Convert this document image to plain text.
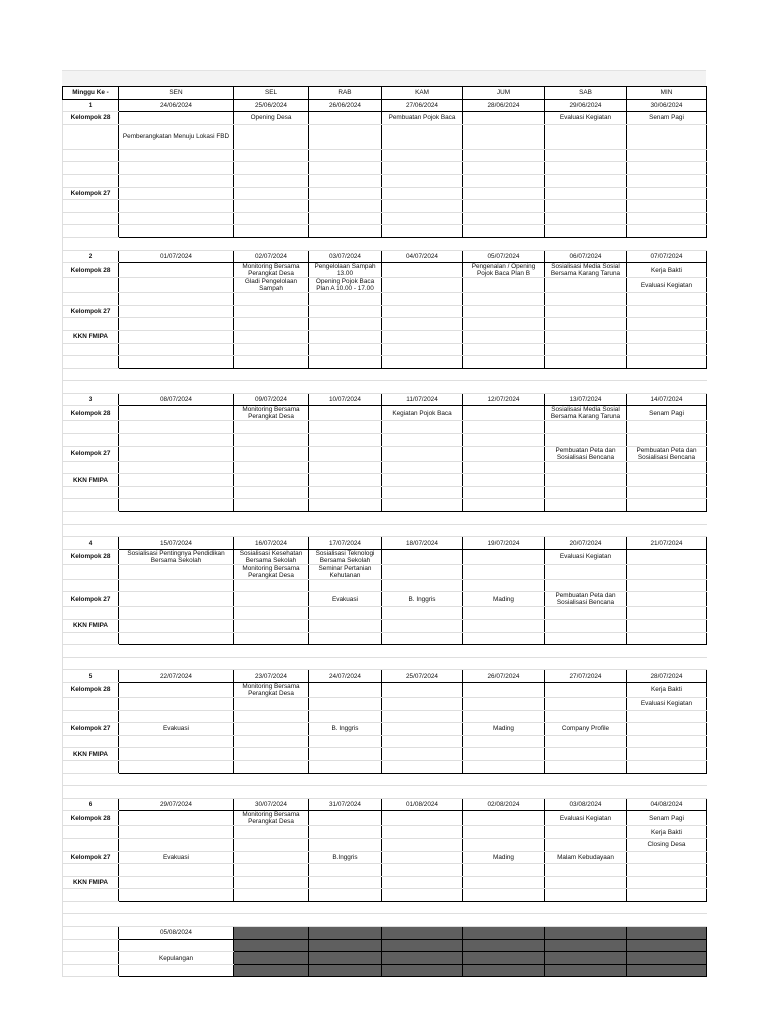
Minggu Ke -	SEN	SEL	RAB	KAM	JUM	SAB	MIN
1	24/06/2024	25/06/2024	26/06/2024	27/06/2024	28/06/2024	29/06/2024	30/06/2024
Kelompok 28		Opening Desa		Pembuatan Pojok Baca		Evaluasi Kegiatan	Senam Pagi
	Pemberangkatan Menuju Lokasi FBD						

Kelompok 27							

2	01/07/2024	02/07/2024	03/07/2024	04/07/2024	05/07/2024	06/07/2024	07/07/2024
Kelompok 28		Monitoring Bersama Perangkat Desa	Pengelolaan Sampah 13.00		Pengenalan / Opening Pojok Baca Plan B	Sosialisasi Media Sosial Bersama Karang Taruna	Kerja Bakti
		Gladi Pengelolaan Sampah	Opening Pojok Baca Plan A 10.00 - 17.00				Evaluasi Kegiatan

Kelompok 27							

KKN FMIPA							

3	08/07/2024	09/07/2024	10/07/2024	11/07/2024	12/07/2024	13/07/2024	14/07/2024
Kelompok 28		Monitoring Bersama Perangkat Desa		Kegiatan Pojok Baca		Sosialisasi Media Sosial Bersama Karang Taruna	Senam Pagi

Kelompok 27						Pembuatan Peta dan Sosialisasi Bencana	Pembuatan Peta dan Sosialisasi Bencana

KKN FMIPA							

4	15/07/2024	16/07/2024	17/07/2024	18/07/2024	19/07/2024	20/07/2024	21/07/2024
Kelompok 28	Sosialisasi Pentingnya Pendidikan Bersama Sekolah	Sosialisasi Kesehatan Bersama Sekolah	Sosialisasi Teknologi Bersama Sekolah			Evaluasi Kegiatan	
		Monitoring Bersama Perangkat Desa	Seminar Pertanian Kehutanan				

Kelompok 27			Evakuasi	B. Inggris	Mading	Pembuatan Peta dan Sosialisasi Bencana	

KKN FMIPA							

5	22/07/2024	23/07/2024	24/07/2024	25/07/2024	26/07/2024	27/07/2024	28/07/2024
Kelompok 28		Monitoring Bersama Perangkat Desa					Kerja Bakti
							Evaluasi Kegiatan

Kelompok 27	Evakuasi		B. Inggris		Mading	Company Profile	

KKN FMIPA							

6	29/07/2024	30/07/2024	31/07/2024	01/08/2024	02/08/2024	03/08/2024	04/08/2024
Kelompok 28		Monitoring Bersama Perangkat Desa				Evaluasi Kegiatan	Senam Pagi
							Kerja Bakti
							Closing Desa
Kelompok 27	Evakuasi		B.Inggris		Mading	Malam Kebudayaan	

KKN FMIPA							

	05/08/2024						

	Kepulangan						
